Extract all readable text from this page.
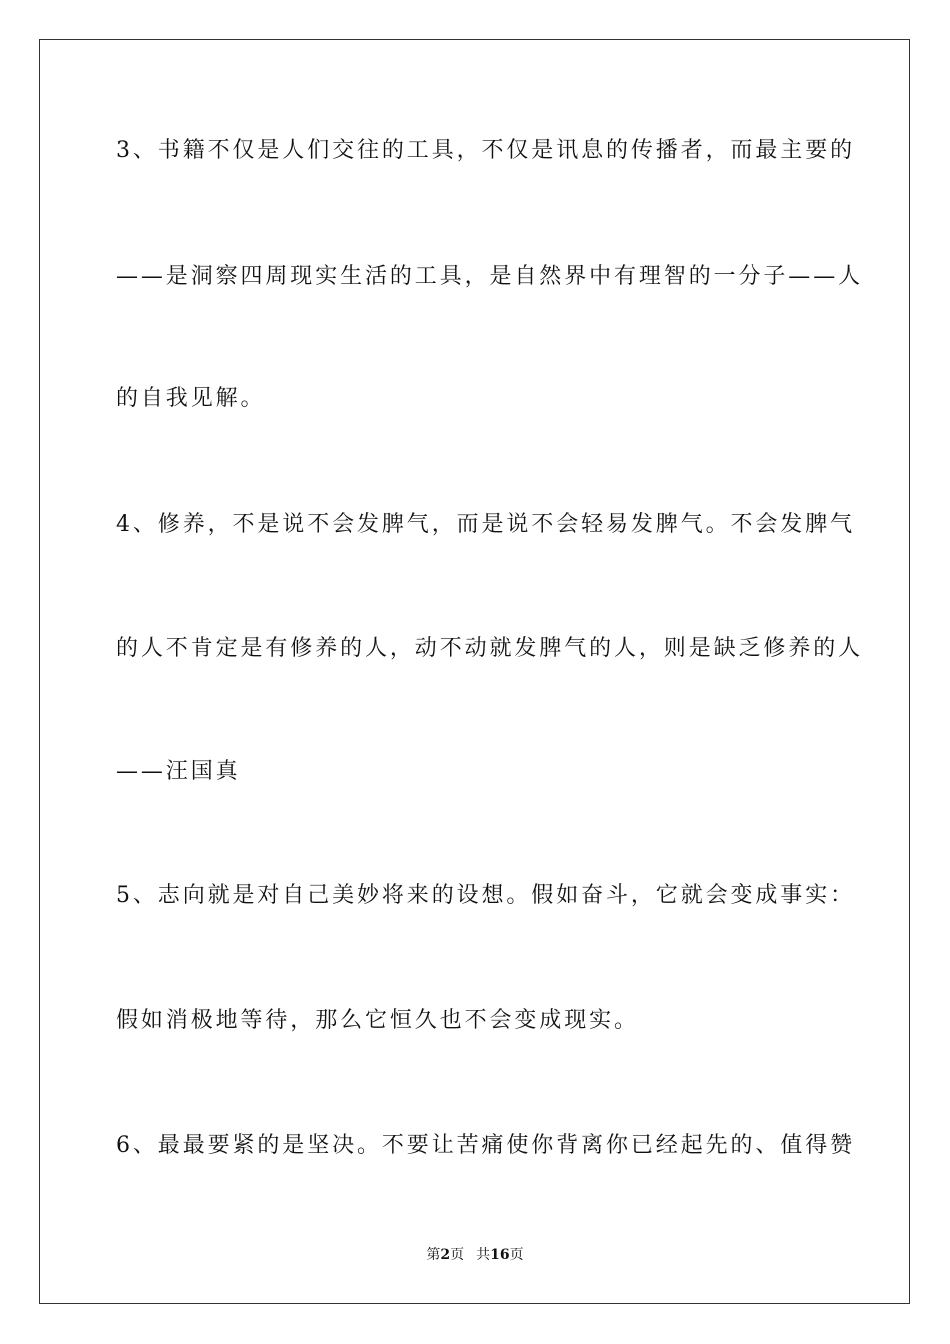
3、书籍不仅是人们交往的工具，不仅是讯息的传播者，而最主要的
——是洞察四周现实生活的工具，是自然界中有理智的一分子——人
的自我见解。
4、修养，不是说不会发脾气，而是说不会轻易发脾气。不会发脾气
的人不肯定是有修养的人，动不动就发脾气的人，则是缺乏修养的人
——汪国真
5、志向就是对自己美妙将来的设想。假如奋斗，它就会变成事实：
假如消极地等待，那么它恒久也不会变成现实。
6、最最要紧的是坚决。不要让苦痛使你背离你已经起先的、值得赞
第2页 共16页
